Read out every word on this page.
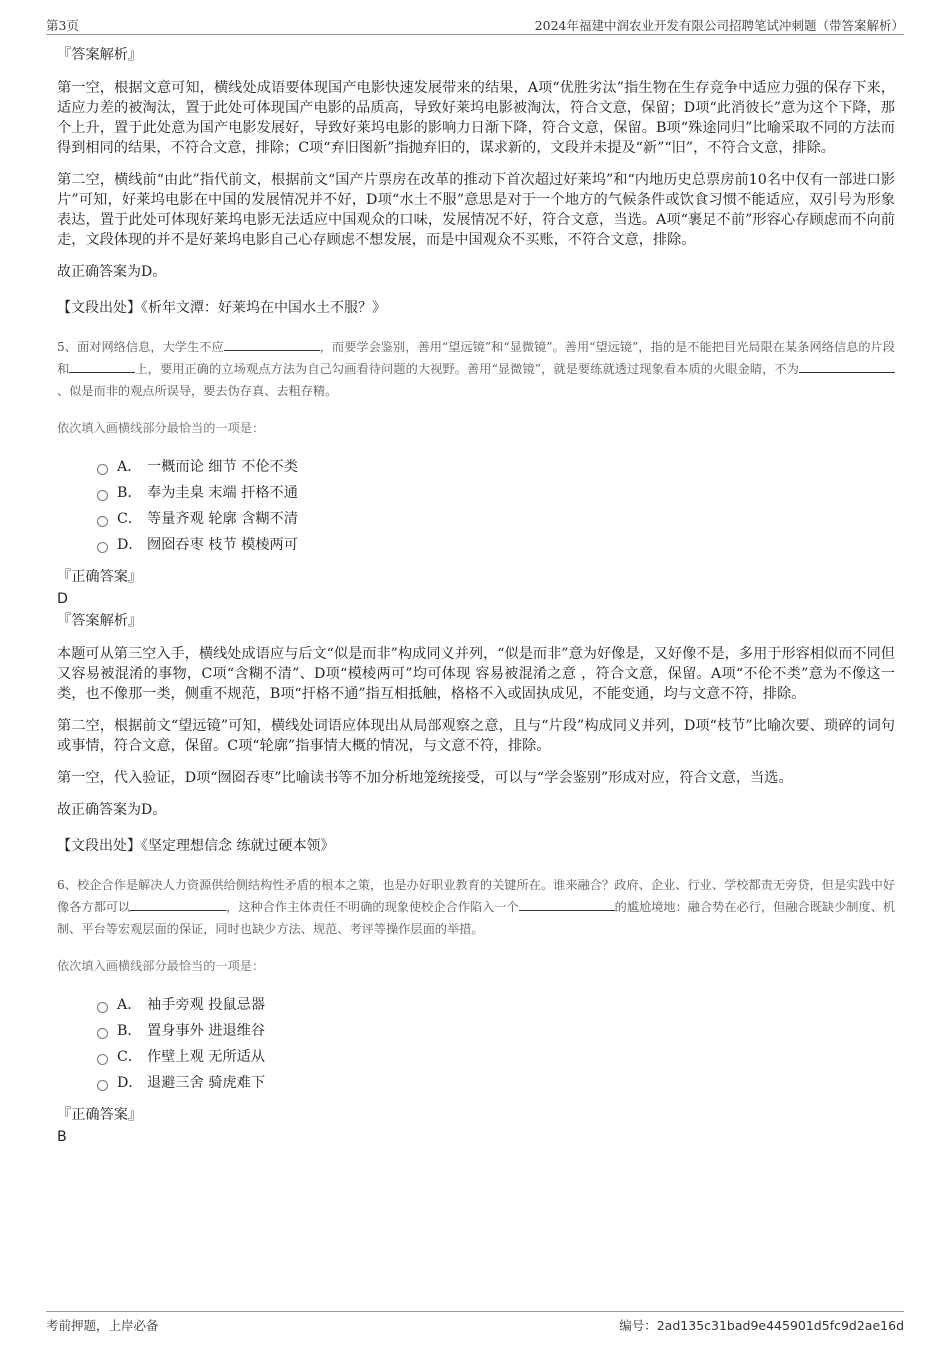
第3页	2024年福建中润农业开发有限公司招聘笔试冲刺题（带答案解析）

『答案解析』

第一空，根据文意可知，横线处成语要体现国产电影快速发展带来的结果，A项“优胜劣汰”指生物在生存竞争中适应力强的保存下来，适应力差的被淘汰，置于此处可体现国产电影的品质高，导致好莱坞电影被淘汰，符合文意，保留；D项“此消彼长”意为这个下降，那个上升，置于此处意为国产电影发展好，导致好莱坞电影的影响力日渐下降，符合文意，保留。B项“殊途同归”比喻采取不同的方法而得到相同的结果，不符合文意，排除；C项“弃旧图新”指抛弃旧的，谋求新的，文段并未提及“新”“旧”，不符合文意，排除。

第二空，横线前“由此”指代前文，根据前文“国产片票房在改革的推动下首次超过好莱坞”和“内地历史总票房前10名中仅有一部进口影片”可知，好莱坞电影在中国的发展情况并不好，D项“水土不服”意思是对于一个地方的气候条件或饮食习惯不能适应，双引号为形象表达，置于此处可体现好莱坞电影无法适应中国观众的口味，发展情况不好，符合文意，当选。A项“裹足不前”形容心存顾虑而不向前走，文段体现的并不是好莱坞电影自己心存顾虑不想发展，而是中国观众不买账，不符合文意，排除。

故正确答案为D。

【文段出处】《析年文潭：好莱坞在中国水土不服？》

5、面对网络信息，大学生不应	，而要学会鉴别，善用“望远镜”和“显微镜”。善用“望远镜”，指的是不能把目光局限在某条网络信息的片段和	上，要用正确的立场观点方法为自己勾画看待问题的大视野。善用“显微镜”，就是要练就透过现象看本质的火眼金睛，不为、似是而非的观点所误导，要去伪存真、去粗存精。

依次填入画横线部分最恰当的一项是：

A． 一概而论 细节 不伦不类
B． 奉为圭臬 末端 扞格不通
C． 等量齐观 轮廓 含糊不清
D． 囫囵吞枣 枝节 模棱两可

『正确答案』

D

『答案解析』

本题可从第三空入手，横线处成语应与后文“似是而非”构成同义并列，“似是而非”意为好像是，又好像不是，多用于形容相似而不同但又容易被混淆的事物，C项“含糊不清”、D项“模棱两可”均可体现 容易被混淆之意 ，符合文意，保留。A项“不伦不类”意为不像这一类，也不像那一类，侧重不规范，B项“扞格不通”指互相抵触，格格不入或固执成见，不能变通，均与文意不符，排除。

第二空，根据前文“望远镜”可知，横线处词语应体现出从局部观察之意，且与“片段”构成同义并列，D项“枝节”比喻次要、琐碎的词句或事情，符合文意，保留。C项“轮廓”指事情大概的情况，与文意不符，排除。

第一空，代入验证，D项“囫囵吞枣”比喻读书等不加分析地笼统接受，可以与“学会鉴别”形成对应，符合文意，当选。

故正确答案为D。

【文段出处】《坚定理想信念 练就过硬本领》

6、校企合作是解决人力资源供给侧结构性矛盾的根本之策，也是办好职业教育的关键所在。谁来融合？政府、企业、行业、学校都责无旁贷，但是实践中好像各方都可以	，这种合作主体责任不明确的现象使校企合作陷入一个	的尴尬境地：融合势在必行，但融合既缺少制度、机制、平台等宏观层面的保证，同时也缺少方法、规范、考评等操作层面的举措。

依次填入画横线部分最恰当的一项是：

A． 袖手旁观 投鼠忌器
B． 置身事外 进退维谷
C． 作壁上观 无所适从
D． 退避三舍 骑虎难下

『正确答案』

B

考前押题，上岸必备	编号：2ad135c31bad9e445901d5fc9d2ae16d
